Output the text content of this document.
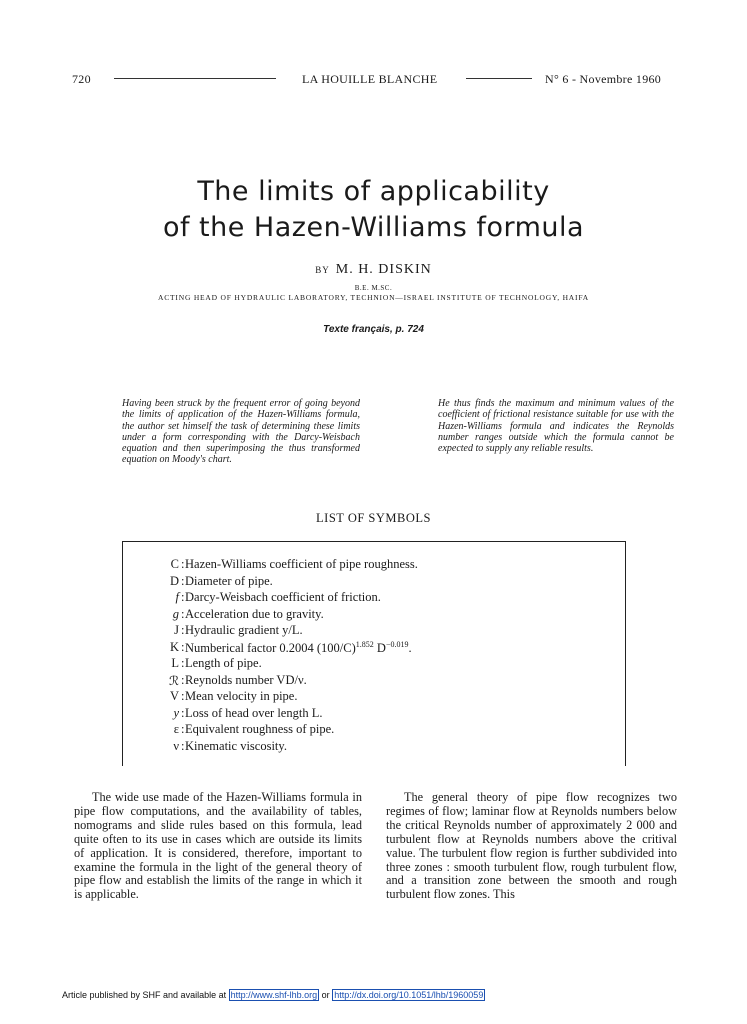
720	LA HOUILLE BLANCHE	N° 6 - Novembre 1960
The limits of applicability
of the Hazen-Williams formula
BY M. H. DISKIN
B.E. M.SC.
ACTING HEAD OF HYDRAULIC LABORATORY, TECHNION—ISRAEL INSTITUTE OF TECHNOLOGY, HAIFA
Texte français, p. 724

Having been struck by the frequent error of going beyond the limits of application of the Hazen-Williams formula, the author set himself the task of determining these limits under a form corresponding with the Darcy-Weisbach equation and then superimposing the thus transformed equation on Moody's chart.

He thus finds the maximum and minimum values of the coefficient of frictional resistance suitable for use with the Hazen-Williams formula and indicates the Reynolds number ranges outside which the formula cannot be expected to supply any reliable results.

LIST OF SYMBOLS
C : Hazen-Williams coefficient of pipe roughness.
D : Diameter of pipe.
f : Darcy-Weisbach coefficient of friction.
g : Acceleration due to gravity.
J : Hydraulic gradient y/L.
K : Numberical factor 0.2004 $(100/C)^{1.852}$ $D^{-0.019}$.
L : Length of pipe.
ℛ : Reynolds number VD/ν.
V : Mean velocity in pipe.
y : Loss of head over length L.
ε : Equivalent roughness of pipe.
ν : Kinematic viscosity.

The wide use made of the Hazen-Williams formula in pipe flow computations, and the availability of tables, nomograms and slide rules based on this formula, lead quite often to its use in cases which are outside its limits of application. It is considered, therefore, important to examine the formula in the light of the general theory of pipe flow and establish the limits of the range in which it is applicable.

The general theory of pipe flow recognizes two regimes of flow; laminar flow at Reynolds numbers below the critical Reynolds number of approximately 2 000 and turbulent flow at Reynolds numbers above the critival value. The turbulent flow region is further subdivided into three zones : smooth turbulent flow, rough turbulent flow, and a transition zone between the smooth and rough turbulent flow zones. This

Article published by SHF and available at http://www.shf-lhb.org or http://dx.doi.org/10.1051/lhb/1960059
